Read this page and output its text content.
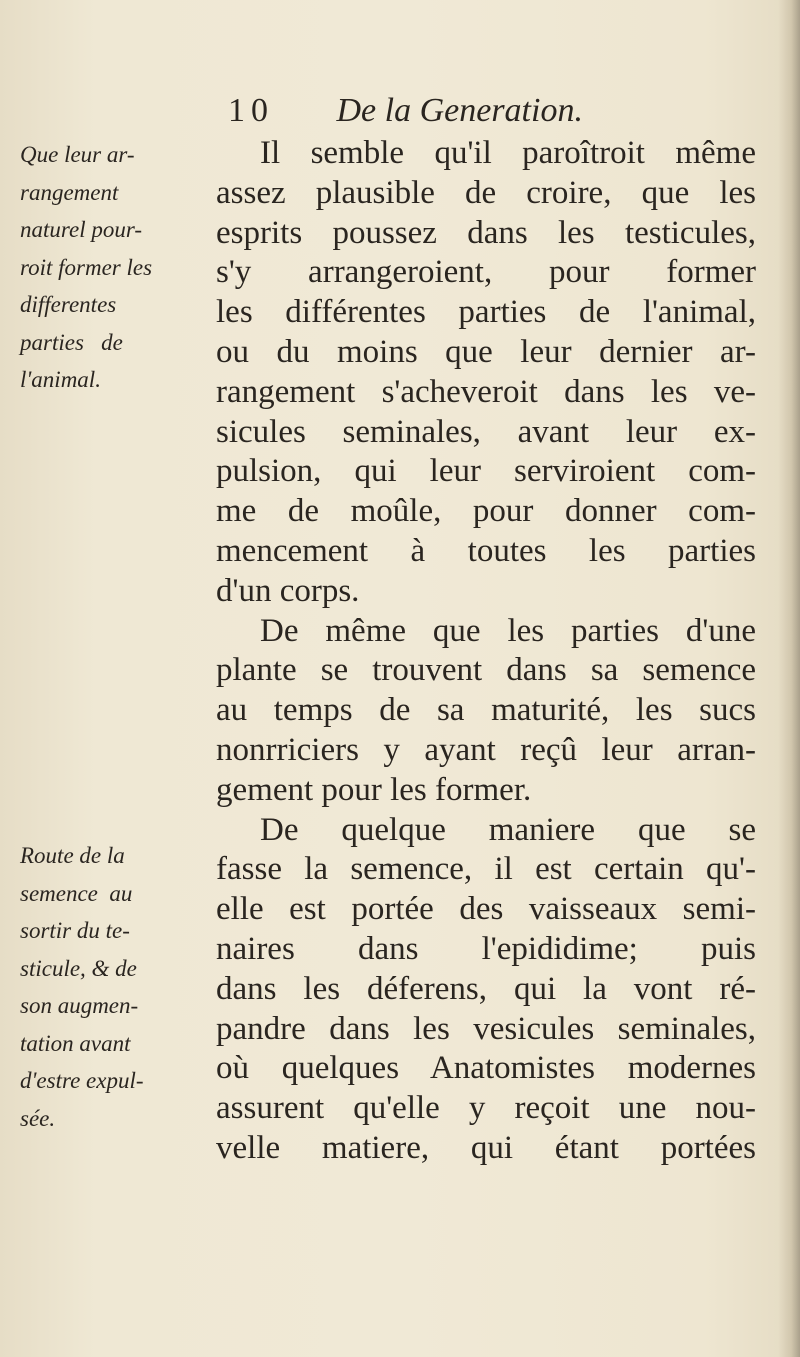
10 De la Generation.
Que leur ar-
rangement
naturel pour-
roit former les
differentes
parties   de
l'animal.
Route de la
semence  au
sortir du te-
sticule, & de
son augmen-
tation avant
d'estre expul-
sée.
Il semble qu'il paroîtroit même
assez plausible de croire, que les
esprits poussez dans les testicules,
s'y arrangeroient, pour former
les différentes parties de l'animal,
ou du moins que leur dernier ar-
rangement s'acheveroit dans les ve-
sicules seminales, avant leur ex-
pulsion, qui leur serviroient com-
me de moûle, pour donner com-
mencement à toutes les parties
d'un corps.
De même que les parties d'une
plante se trouvent dans sa semence
au temps de sa maturité, les sucs
nonrriciers y ayant reçû leur arran-
gement pour les former.
De quelque maniere que se
fasse la semence, il est certain qu'-
elle est portée des vaisseaux semi-
naires dans l'epididime; puis
dans les déferens, qui la vont ré-
pandre dans les vesicules seminales,
où quelques Anatomistes modernes
assurent qu'elle y reçoit une nou-
velle matiere, qui étant portées
